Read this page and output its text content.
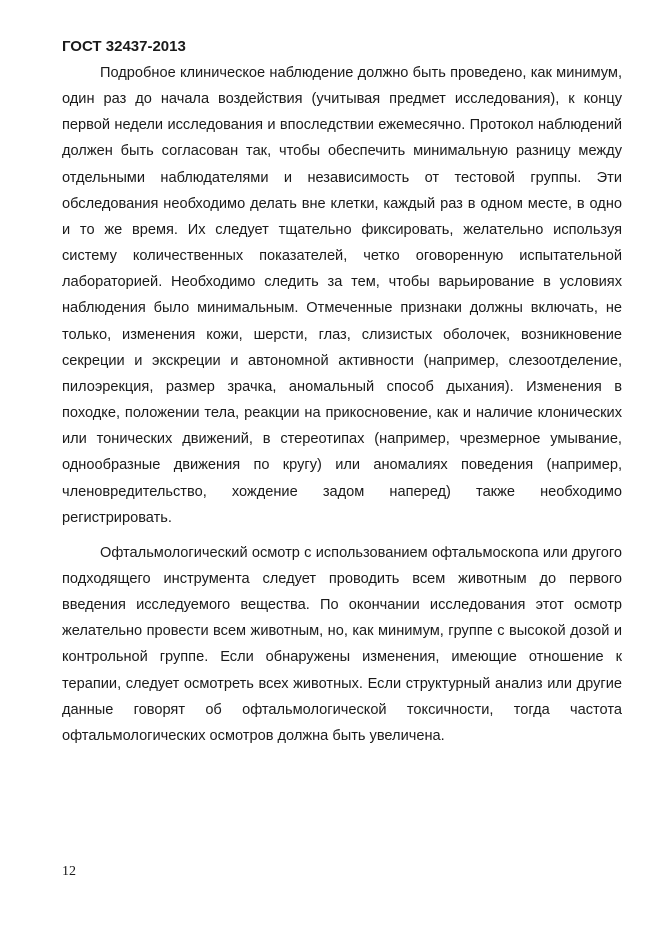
ГОСТ 32437-2013

Подробное клиническое наблюдение должно быть проведено, как минимум, один раз до начала воздействия (учитывая предмет исследования), к концу первой недели исследования и впоследствии ежемесячно. Протокол наблюдений должен быть согласован так, чтобы обеспечить минимальную разницу между отдельными наблюдателями и независимость от тестовой группы. Эти обследования необходимо делать вне клетки, каждый раз в одном месте, в одно и то же время. Их следует тщательно фиксировать, желательно используя систему количественных показателей, четко оговоренную испытательной лабораторией. Необходимо следить за тем, чтобы варьирование в условиях наблюдения было минимальным. Отмеченные признаки должны включать, не только, изменения кожи, шерсти, глаз, слизистых оболочек, возникновение секреции и экскреции и автономной активности (например, слезоотделение, пилоэрекция, размер зрачка, аномальный способ дыхания). Изменения в походке, положении тела, реакции на прикосновение, как и наличие клонических или тонических движений, в стереотипах (например, чрезмерное умывание, однообразные движения по кругу) или аномалиях поведения (например, членовредительство, хождение задом наперед) также необходимо регистрировать.

Офтальмологический осмотр с использованием офтальмоскопа или другого подходящего инструмента следует проводить всем животным до первого введения исследуемого вещества. По окончании исследования этот осмотр желательно провести всем животным, но, как минимум, группе с высокой дозой и контрольной группе. Если обнаружены изменения, имеющие отношение к терапии, следует осмотреть всех животных. Если структурный анализ или другие данные говорят об офтальмологической токсичности, тогда частота офтальмологических осмотров должна быть увеличена.

12
